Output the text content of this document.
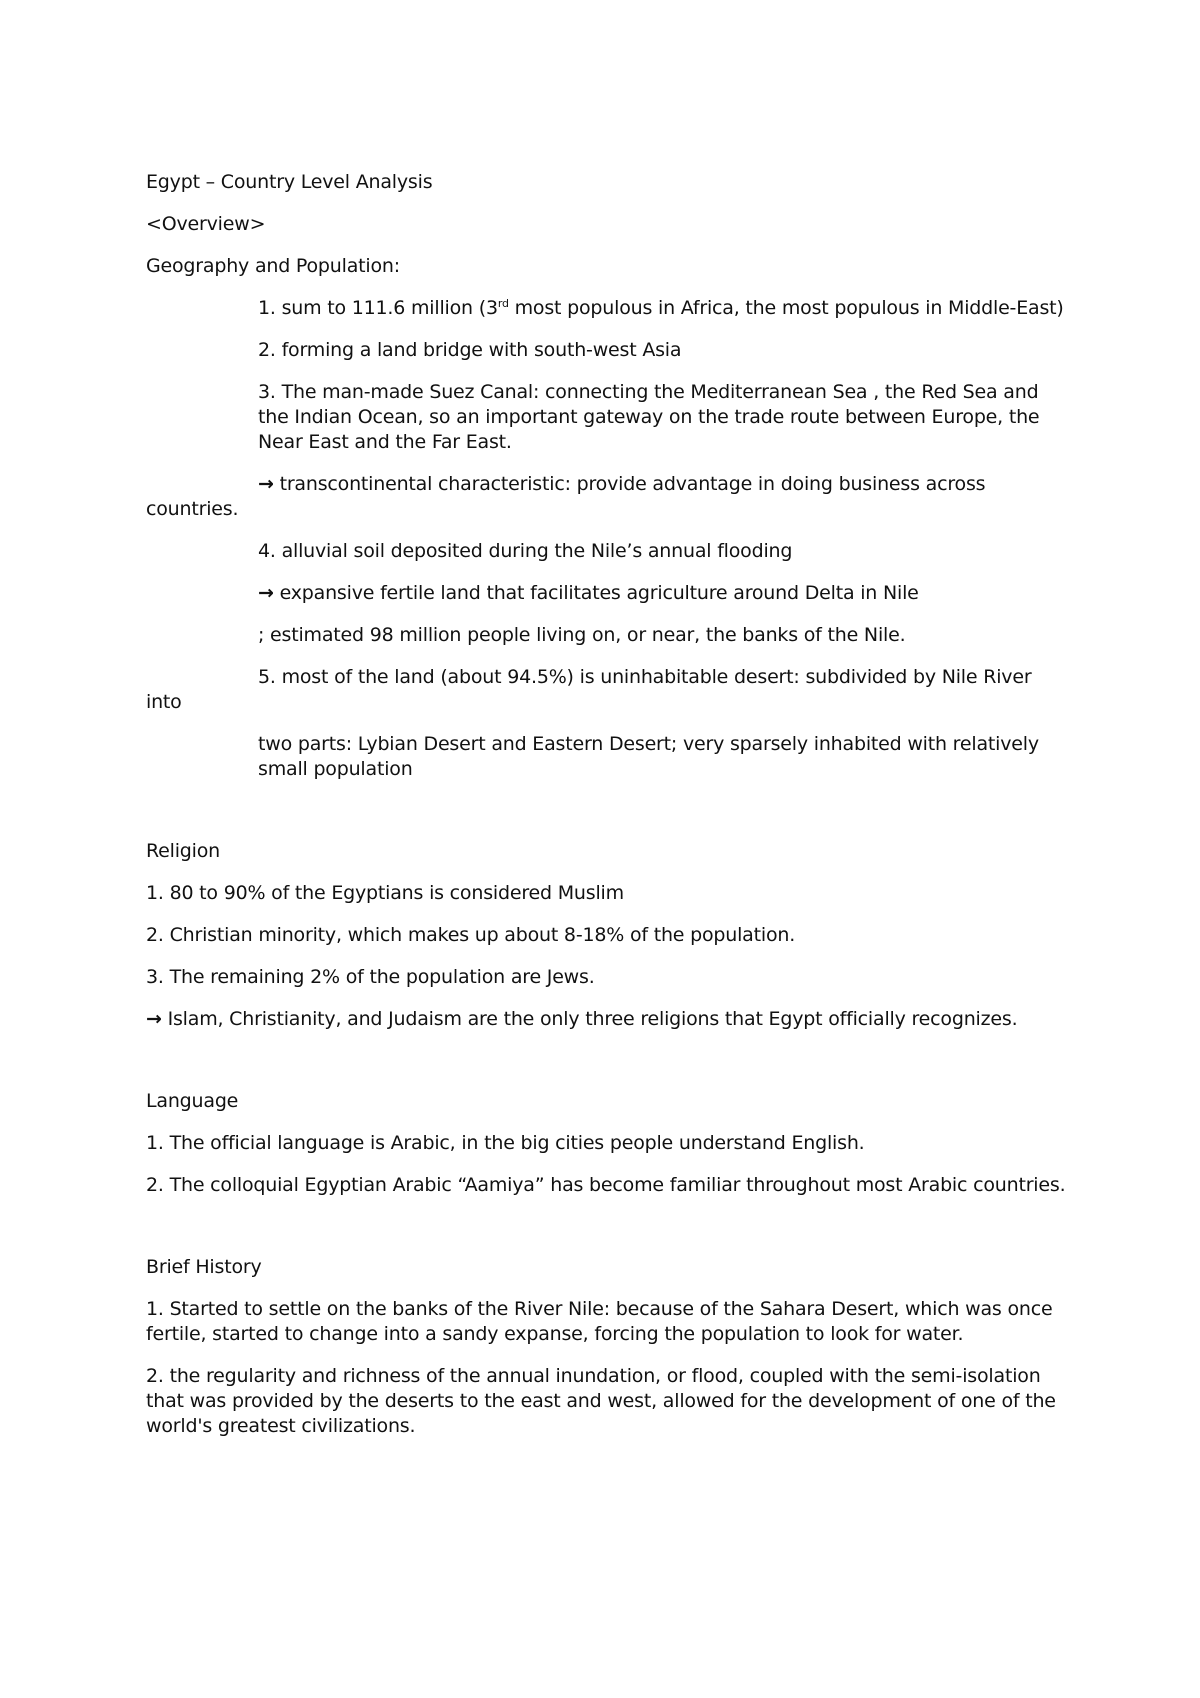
Egypt – Country Level Analysis

<Overview>

Geography and Population:

1. sum to 111.6 million (3rd most populous in Africa, the most populous in Middle-East)

2. forming a land bridge with south-west Asia

3. The man-made Suez Canal: connecting the Mediterranean Sea , the Red Sea and the Indian Ocean, so an important gateway on the trade route between Europe, the Near East and the Far East.

→ transcontinental characteristic: provide advantage in doing business across countries.

4. alluvial soil deposited during the Nile’s annual flooding

→ expansive fertile land that facilitates agriculture around Delta in Nile

; estimated 98 million people living on, or near, the banks of the Nile.

5. most of the land (about 94.5%) is uninhabitable desert: subdivided by Nile River into

two parts: Lybian Desert and Eastern Desert; very sparsely inhabited with relatively small population

Religion

1. 80 to 90% of the Egyptians is considered Muslim

2. Christian minority, which makes up about 8-18% of the population.

3. The remaining 2% of the population are Jews.

→ Islam, Christianity, and Judaism are the only three religions that Egypt officially recognizes.

Language

1. The official language is Arabic, in the big cities people understand English.

2. The colloquial Egyptian Arabic “Aamiya” has become familiar throughout most Arabic countries.

Brief History

1. Started to settle on the banks of the River Nile: because of the Sahara Desert, which was once fertile, started to change into a sandy expanse, forcing the population to look for water.

2. the regularity and richness of the annual inundation, or flood, coupled with the semi-isolation that was provided by the deserts to the east and west, allowed for the development of one of the world's greatest civilizations.
